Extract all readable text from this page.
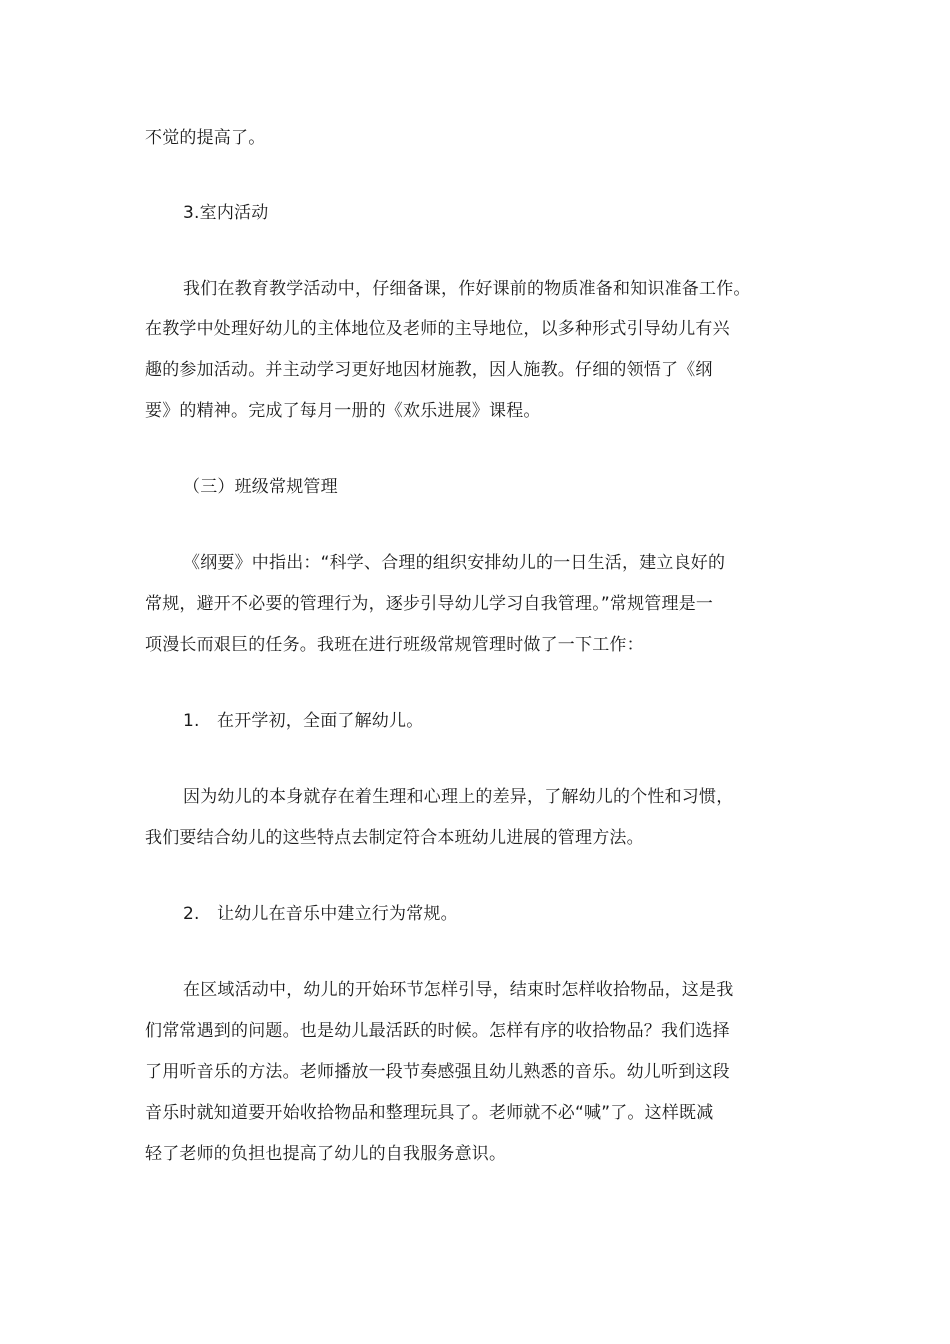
不觉的提高了。
3.室内活动
我们在教育教学活动中，仔细备课，作好课前的物质准备和知识准备工作。
在教学中处理好幼儿的主体地位及老师的主导地位，以多种形式引导幼儿有兴
趣的参加活动。并主动学习更好地因材施教，因人施教。仔细的领悟了《纲
要》的精神。完成了每月一册的《欢乐进展》课程。
（三）班级常规管理
《纲要》中指出：“科学、合理的组织安排幼儿的一日生活，建立良好的
常规，避开不必要的管理行为，逐步引导幼儿学习自我管理。”常规管理是一
项漫长而艰巨的任务。我班在进行班级常规管理时做了一下工作：
1. 在开学初，全面了解幼儿。
因为幼儿的本身就存在着生理和心理上的差异，了解幼儿的个性和习惯，
我们要结合幼儿的这些特点去制定符合本班幼儿进展的管理方法。
2. 让幼儿在音乐中建立行为常规。
在区域活动中，幼儿的开始环节怎样引导，结束时怎样收拾物品，这是我
们常常遇到的问题。也是幼儿最活跃的时候。怎样有序的收拾物品？我们选择
了用听音乐的方法。老师播放一段节奏感强且幼儿熟悉的音乐。幼儿听到这段
音乐时就知道要开始收拾物品和整理玩具了。老师就不必“喊”了。这样既减
轻了老师的负担也提高了幼儿的自我服务意识。
